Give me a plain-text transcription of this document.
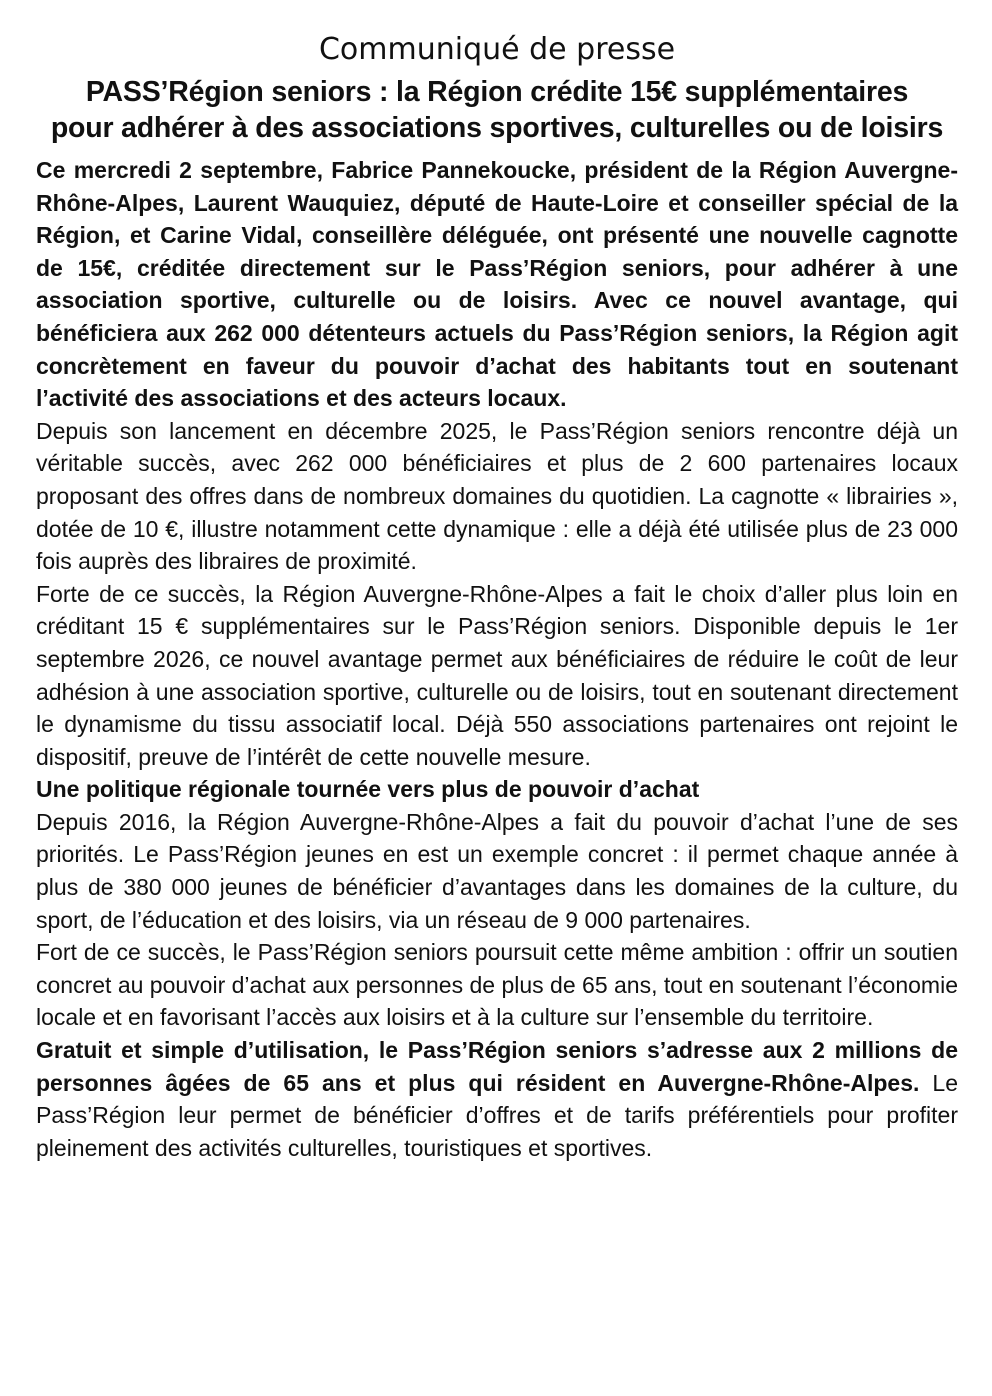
Communiqué de presse
PASS’Région seniors : la Région crédite 15€ supplémentaires
pour adhérer à des associations sportives, culturelles ou de loisirs

Ce mercredi 2 septembre, Fabrice Pannekoucke, président de la Région Auvergne-Rhône-Alpes, Laurent Wauquiez, député de Haute-Loire et conseiller spécial de la Région, et Carine Vidal, conseillère déléguée, ont présenté une nouvelle cagnotte de 15€, créditée directement sur le Pass’Région seniors, pour adhérer à une association sportive, culturelle ou de loisirs. Avec ce nouvel avantage, qui bénéficiera aux 262 000 détenteurs actuels du Pass’Région seniors, la Région agit concrètement en faveur du pouvoir d’achat des habitants tout en soutenant l’activité des associations et des acteurs locaux.

Depuis son lancement en décembre 2025, le Pass’Région seniors rencontre déjà un véritable succès, avec 262 000 bénéficiaires et plus de 2 600 partenaires locaux proposant des offres dans de nombreux domaines du quotidien. La cagnotte « librairies », dotée de 10 €, illustre notamment cette dynamique : elle a déjà été utilisée plus de 23 000 fois auprès des libraires de proximité.

Forte de ce succès, la Région Auvergne-Rhône-Alpes a fait le choix d’aller plus loin en créditant 15 € supplémentaires sur le Pass’Région seniors. Disponible depuis le 1er septembre 2026, ce nouvel avantage permet aux bénéficiaires de réduire le coût de leur adhésion à une association sportive, culturelle ou de loisirs, tout en soutenant directement le dynamisme du tissu associatif local. Déjà 550 associations partenaires ont rejoint le dispositif, preuve de l’intérêt de cette nouvelle mesure.

Une politique régionale tournée vers plus de pouvoir d’achat

Depuis 2016, la Région Auvergne-Rhône-Alpes a fait du pouvoir d’achat l’une de ses priorités. Le Pass’Région jeunes en est un exemple concret : il permet chaque année à plus de 380 000 jeunes de bénéficier d’avantages dans les domaines de la culture, du sport, de l’éducation et des loisirs, via un réseau de 9 000 partenaires.

Fort de ce succès, le Pass’Région seniors poursuit cette même ambition : offrir un soutien concret au pouvoir d’achat aux personnes de plus de 65 ans, tout en soutenant l’économie locale et en favorisant l’accès aux loisirs et à la culture sur l’ensemble du territoire.

Gratuit et simple d’utilisation, le Pass’Région seniors s’adresse aux 2 millions de personnes âgées de 65 ans et plus qui résident en Auvergne-Rhône-Alpes. Le Pass’Région leur permet de bénéficier d’offres et de tarifs préférentiels pour profiter pleinement des activités culturelles, touristiques et sportives.
